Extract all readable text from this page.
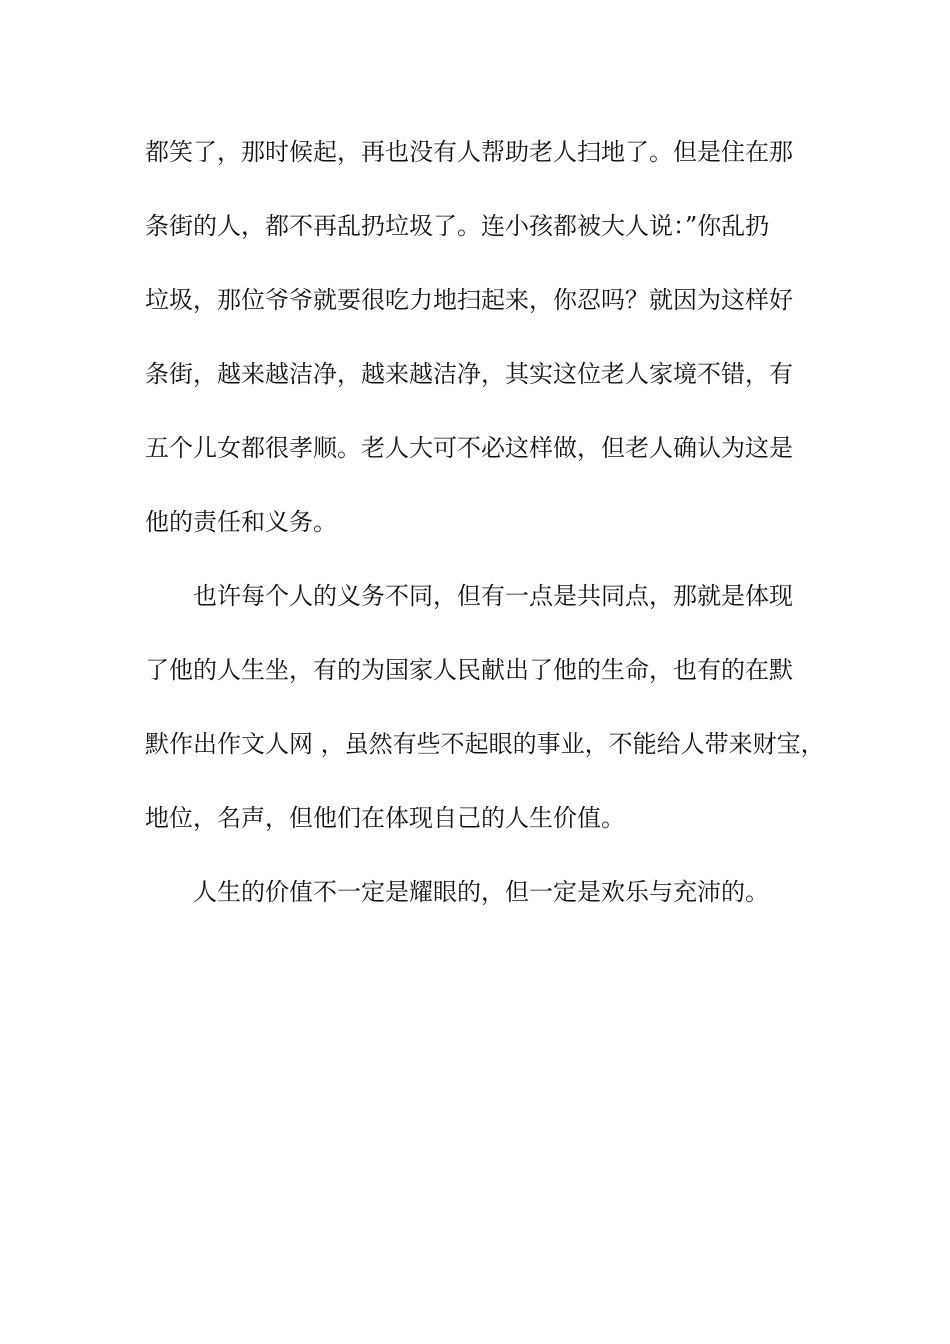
都笑了，那时候起，再也没有人帮助老人扫地了。但是住在那
条街的人，都不再乱扔垃圾了。连小孩都被大人说：”你乱扔
垃圾，那位爷爷就要很吃力地扫起来，你忍吗？就因为这样好
条街，越来越洁净，越来越洁净，其实这位老人家境不错，有
五个儿女都很孝顺。老人大可不必这样做，但老人确认为这是
他的责任和义务。
也许每个人的义务不同，但有一点是共同点，那就是体现
了他的人生坐，有的为国家人民献出了他的生命，也有的在默
默作出作文人网 ，虽然有些不起眼的事业，不能给人带来财宝，
地位，名声，但他们在体现自己的人生价值。
人生的价值不一定是耀眼的，但一定是欢乐与充沛的。
